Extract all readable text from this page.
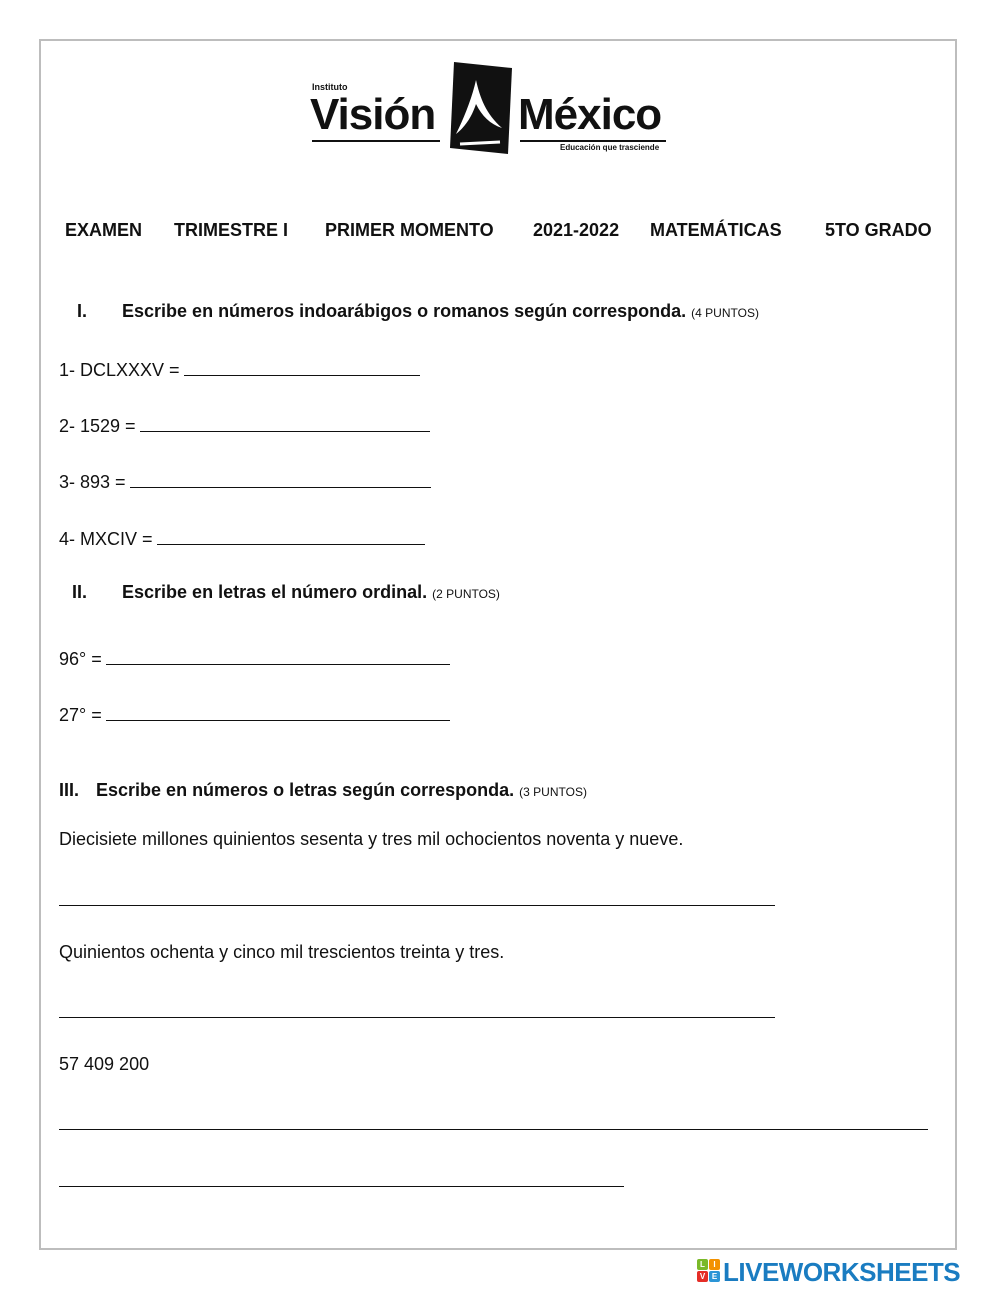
Instituto
Visión México
Educación que trasciende
EXAMEN TRIMESTRE I PRIMER MOMENTO 2021-2022 MATEMÁTICAS 5TO GRADO
I. Escribe en números indoarábigos o romanos según corresponda. (4 PUNTOS)
1- DCLXXXV =
2- 1529 =
3- 893 =
4- MXCIV =
II. Escribe en letras el número ordinal. (2 PUNTOS)
96° =
27° =
III. Escribe en números o letras según corresponda. (3 PUNTOS)
Diecisiete millones quinientos sesenta y tres mil ochocientos noventa y nueve.
Quinientos ochenta y cinco mil trescientos treinta y tres.
57 409 200
L	I
V E LIVEWORKSHEETS
